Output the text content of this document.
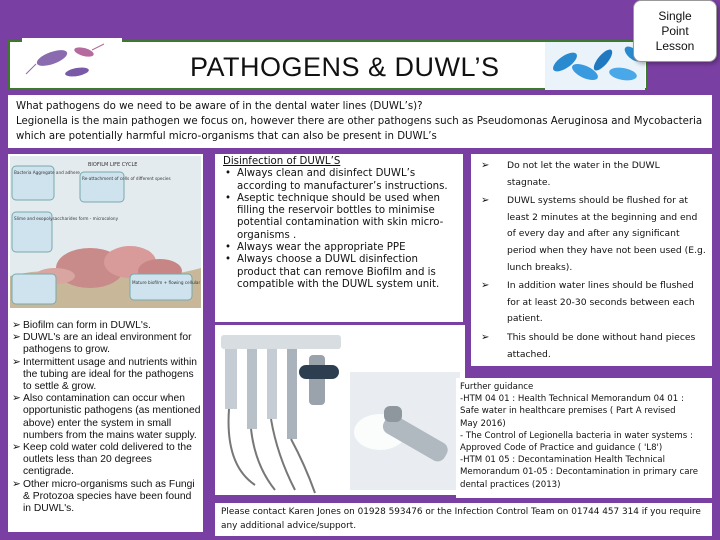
PATHOGENS & DUWL’S
Single
Point
Lesson
What pathogens do we need to be aware of in the dental water lines (DUWL’s)?
Legionella is the main pathogen we focus on, however there are other pathogens such as Pseudomonas Aeruginosa and Mycobacteria
which are potentially harmful micro-organisms that can also be present in DUWL’s
BIOFILM LIFE CYCLE
Bacteria Aggregate and adhere
Re-attachment of cells of different species
Slime and exopolysaccharides form - microcolony
Mature biofilm + flowing cellular
➢ Biofilm can form in DUWL's.
➢ DUWL's are an ideal environment for pathogens to grow.
➢ Intermittent usage and nutrients within the tubing are ideal for the pathogens to settle & grow.
➢ Also contamination can occur when opportunistic pathogens (as mentioned above) enter the system in small numbers from the mains water supply.
➢ Keep cold water cold delivered to the outlets less than 20 degrees centigrade.
➢ Other micro-organisms such as Fungi & Protozoa species have been found in DUWL's.
Disinfection of DUWL’S
• Always clean and disinfect DUWL’s according to manufacturer’s instructions.
• Aseptic technique should be used when filling the reservoir bottles to minimise potential contamination with skin micro-organisms .
• Always wear the appropriate PPE
• Always choose a DUWL disinfection product that can remove Biofilm and is compatible with the DUWL system unit.
➢ Do not let the water in the DUWL stagnate.
➢ DUWL systems should be flushed for at least 2 minutes at the beginning and end of every day and after any significant period when they have not been used (E.g. lunch breaks).
➢ In addition water lines should be flushed for at least 20-30 seconds between each patient.
➢ This should be done without hand pieces attached.
Further guidance
-HTM 04 01 : Health Technical Memorandum 04 01 :
Safe water in healthcare premises ( Part A revised
May 2016)
- The Control of Legionella bacteria in water systems :
Approved Code of Practice and guidance ( 'L8')
-HTM 01 05 : Decontamination Health Technical
Memorandum 01-05 : Decontamination in primary care
dental practices (2013)
Please contact Karen Jones on 01928 593476 or the Infection Control Team on 01744 457 314 if you require
any additional advice/support.
